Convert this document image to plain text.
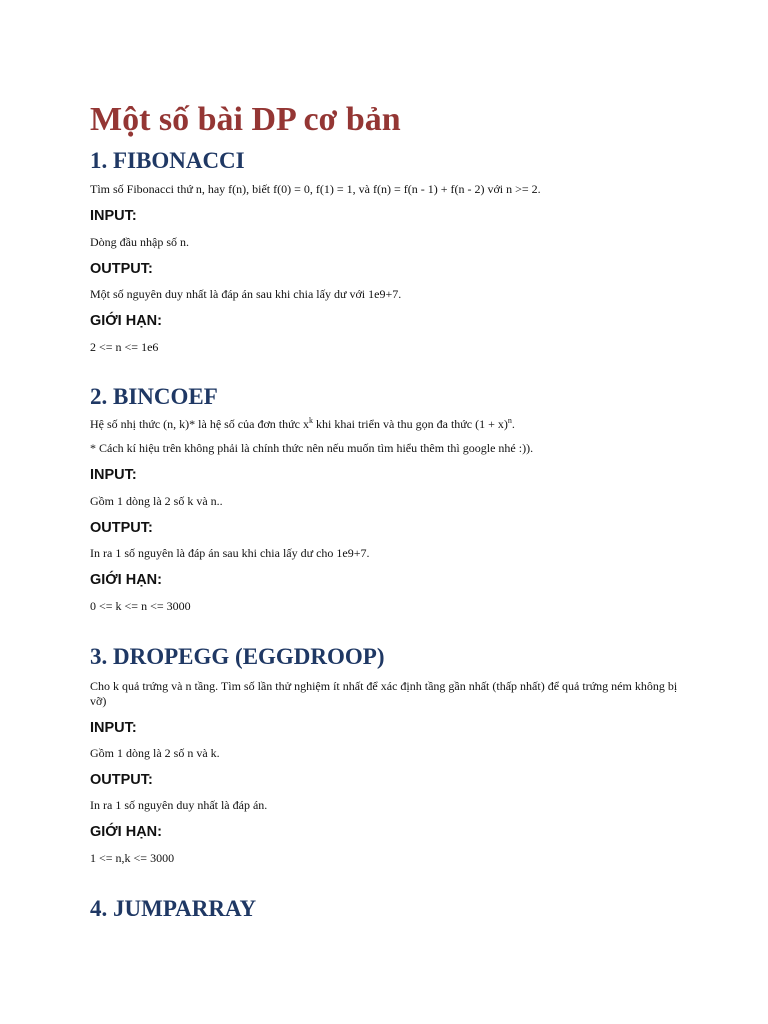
Một số bài DP cơ bản
1. FIBONACCI
Tìm số Fibonacci thứ n, hay f(n), biết f(0) = 0, f(1) = 1, và f(n) = f(n - 1) + f(n - 2) với n >= 2.
INPUT:
Dòng đầu nhập số n.
OUTPUT:
Một số nguyên duy nhất là đáp án sau khi chia lấy dư với 1e9+7.
GIỚI HẠN:
2 <= n <= 1e6
2. BINCOEF
Hệ số nhị thức (n, k)* là hệ số của đơn thức $x^k$ khi khai triển và thu gọn đa thức $(1 + x)^n$.
* Cách kí hiệu trên không phải là chính thức nên nếu muốn tìm hiểu thêm thì google nhé :)).
INPUT:
Gồm 1 dòng là 2 số k và n..
OUTPUT:
In ra 1 số nguyên là đáp án sau khi chia lấy dư cho 1e9+7.
GIỚI HẠN:
0 <= k <= n <= 3000
3. DROPEGG (EGGDROOP)
Cho k quả trứng và n tầng. Tìm số lần thử nghiệm ít nhất để xác định tầng gần nhất (thấp nhất) để quả trứng ném không bị vỡ)
INPUT:
Gồm 1 dòng là 2 số n và k.
OUTPUT:
In ra 1 số nguyên duy nhất là đáp án.
GIỚI HẠN:
1 <= n,k <= 3000
4. JUMPARRAY
